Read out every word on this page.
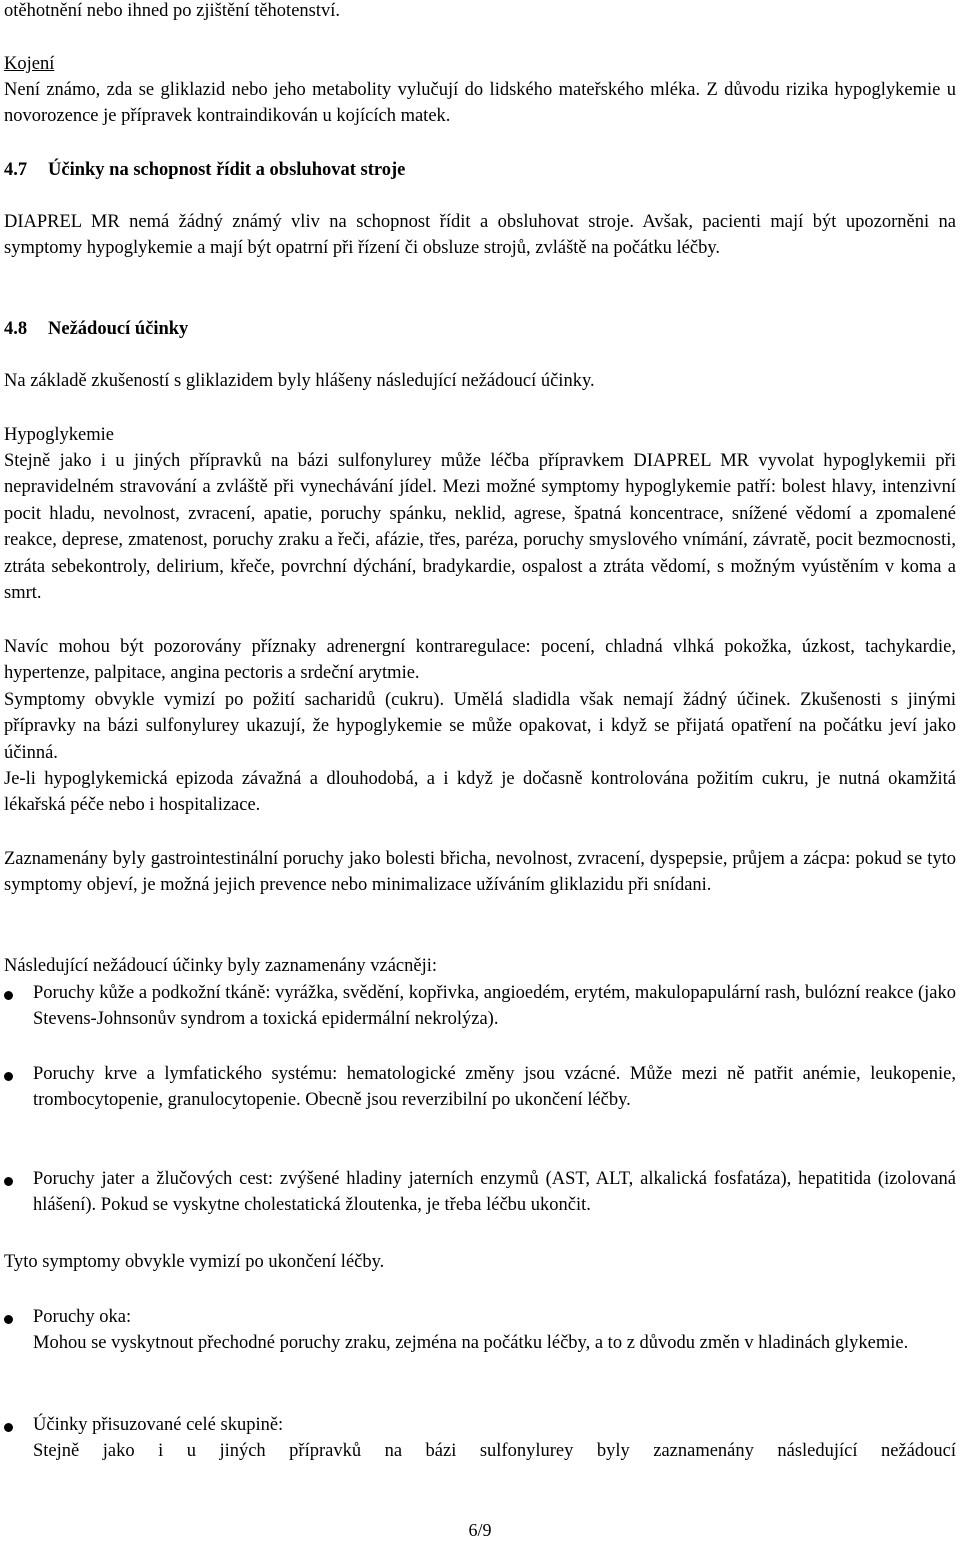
otěhotnění nebo ihned po zjištění těhotenství.

Kojení

Není známo, zda se gliklazid nebo jeho metabolity vylučují do lidského mateřského mléka. Z důvodu rizika hypoglykemie u novorozence je přípravek kontraindikován u kojících matek.

4.7 Účinky na schopnost řídit a obsluhovat stroje

DIAPREL MR nemá žádný známý vliv na schopnost řídit a obsluhovat stroje. Avšak, pacienti mají být upozorněni na symptomy hypoglykemie a mají být opatrní při řízení či obsluze strojů, zvláště na počátku léčby.

4.8 Nežádoucí účinky

Na základě zkušeností s gliklazidem byly hlášeny následující nežádoucí účinky.

Hypoglykemie

Stejně jako i u jiných přípravků na bázi sulfonylurey může léčba přípravkem DIAPREL MR vyvolat hypoglykemii při nepravidelném stravování a zvláště při vynechávání jídel. Mezi možné symptomy hypoglykemie patří: bolest hlavy, intenzivní pocit hladu, nevolnost, zvracení, apatie, poruchy spánku, neklid, agrese, špatná koncentrace, snížené vědomí a zpomalené reakce, deprese, zmatenost, poruchy zraku a řeči, afázie, třes, paréza, poruchy smyslového vnímání, závratě, pocit bezmocnosti, ztráta sebekontroly, delirium, křeče, povrchní dýchání, bradykardie, ospalost a ztráta vědomí, s možným vyústěním v koma a smrt.

Navíc mohou být pozorovány příznaky adrenergní kontraregulace: pocení, chladná vlhká pokožka, úzkost, tachykardie, hypertenze, palpitace, angina pectoris a srdeční arytmie.

Symptomy obvykle vymizí po požití sacharidů (cukru). Umělá sladidla však nemají žádný účinek. Zkušenosti s jinými přípravky na bázi sulfonylurey ukazují, že hypoglykemie se může opakovat, i když se přijatá opatření na počátku jeví jako účinná.

Je-li hypoglykemická epizoda závažná a dlouhodobá, a i když je dočasně kontrolována požitím cukru, je nutná okamžitá lékařská péče nebo i hospitalizace.

Zaznamenány byly gastrointestinální poruchy jako bolesti břicha, nevolnost, zvracení, dyspepsie, průjem a zácpa: pokud se tyto symptomy objeví, je možná jejich prevence nebo minimalizace užíváním gliklazidu při snídani.

Následující nežádoucí účinky byly zaznamenány vzácněji:

Poruchy kůže a podkožní tkáně: vyrážka, svědění, kopřivka, angioedém, erytém, makulopapulární rash, bulózní reakce (jako Stevens-Johnsonův syndrom a toxická epidermální nekrolýza).

Poruchy krve a lymfatického systému: hematologické změny jsou vzácné. Může mezi ně patřit anémie, leukopenie, trombocytopenie, granulocytopenie. Obecně jsou reverzibilní po ukončení léčby.

Poruchy jater a žlučových cest: zvýšené hladiny jaterních enzymů (AST, ALT, alkalická fosfatáza), hepatitida (izolovaná hlášení). Pokud se vyskytne cholestatická žloutenka, je třeba léčbu ukončit.

Tyto symptomy obvykle vymizí po ukončení léčby.

Poruchy oka:

Mohou se vyskytnout přechodné poruchy zraku, zejména na počátku léčby, a to z důvodu změn v hladinách glykemie.

Účinky přisuzované celé skupině:

Stejně jako i u jiných přípravků na bázi sulfonylurey byly zaznamenány následující nežádoucí

6/9
